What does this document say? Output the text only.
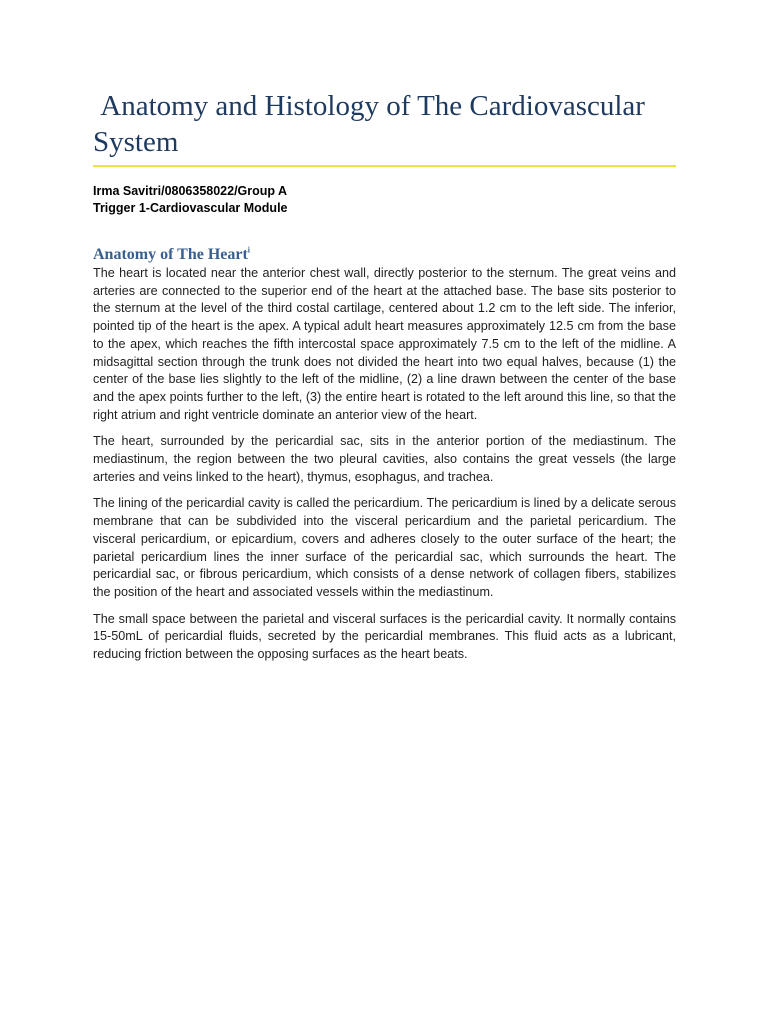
Anatomy and Histology of The Cardiovascular System
Irma Savitri/0806358022/Group A
Trigger 1-Cardiovascular Module
Anatomy of The Heart$^i$

The heart is located near the anterior chest wall, directly posterior to the sternum. The great veins and arteries are connected to the superior end of the heart at the attached base. The base sits posterior to the sternum at the level of the third costal cartilage, centered about 1.2 cm to the left side. The inferior, pointed tip of the heart is the apex. A typical adult heart measures approximately 12.5 cm from the base to the apex, which reaches the fifth intercostal space approximately 7.5 cm to the left of the midline. A midsagittal section through the trunk does not divided the heart into two equal halves, because (1) the center of the base lies slightly to the left of the midline, (2) a line drawn between the center of the base and the apex points further to the left, (3) the entire heart is rotated to the left around this line, so that the right atrium and right ventricle dominate an anterior view of the heart.

The heart, surrounded by the pericardial sac, sits in the anterior portion of the mediastinum. The mediastinum, the region between the two pleural cavities, also contains the great vessels (the large arteries and veins linked to the heart), thymus, esophagus, and trachea.

The lining of the pericardial cavity is called the pericardium. The pericardium is lined by a delicate serous membrane that can be subdivided into the visceral pericardium and the parietal pericardium. The visceral pericardium, or epicardium, covers and adheres closely to the outer surface of the heart; the parietal pericardium lines the inner surface of the pericardial sac, which surrounds the heart. The pericardial sac, or fibrous pericardium, which consists of a dense network of collagen fibers, stabilizes the position of the heart and associated vessels within the mediastinum.

The small space between the parietal and visceral surfaces is the pericardial cavity. It normally contains 15-50mL of pericardial fluids, secreted by the pericardial membranes. This fluid acts as a lubricant, reducing friction between the opposing surfaces as the heart beats.
